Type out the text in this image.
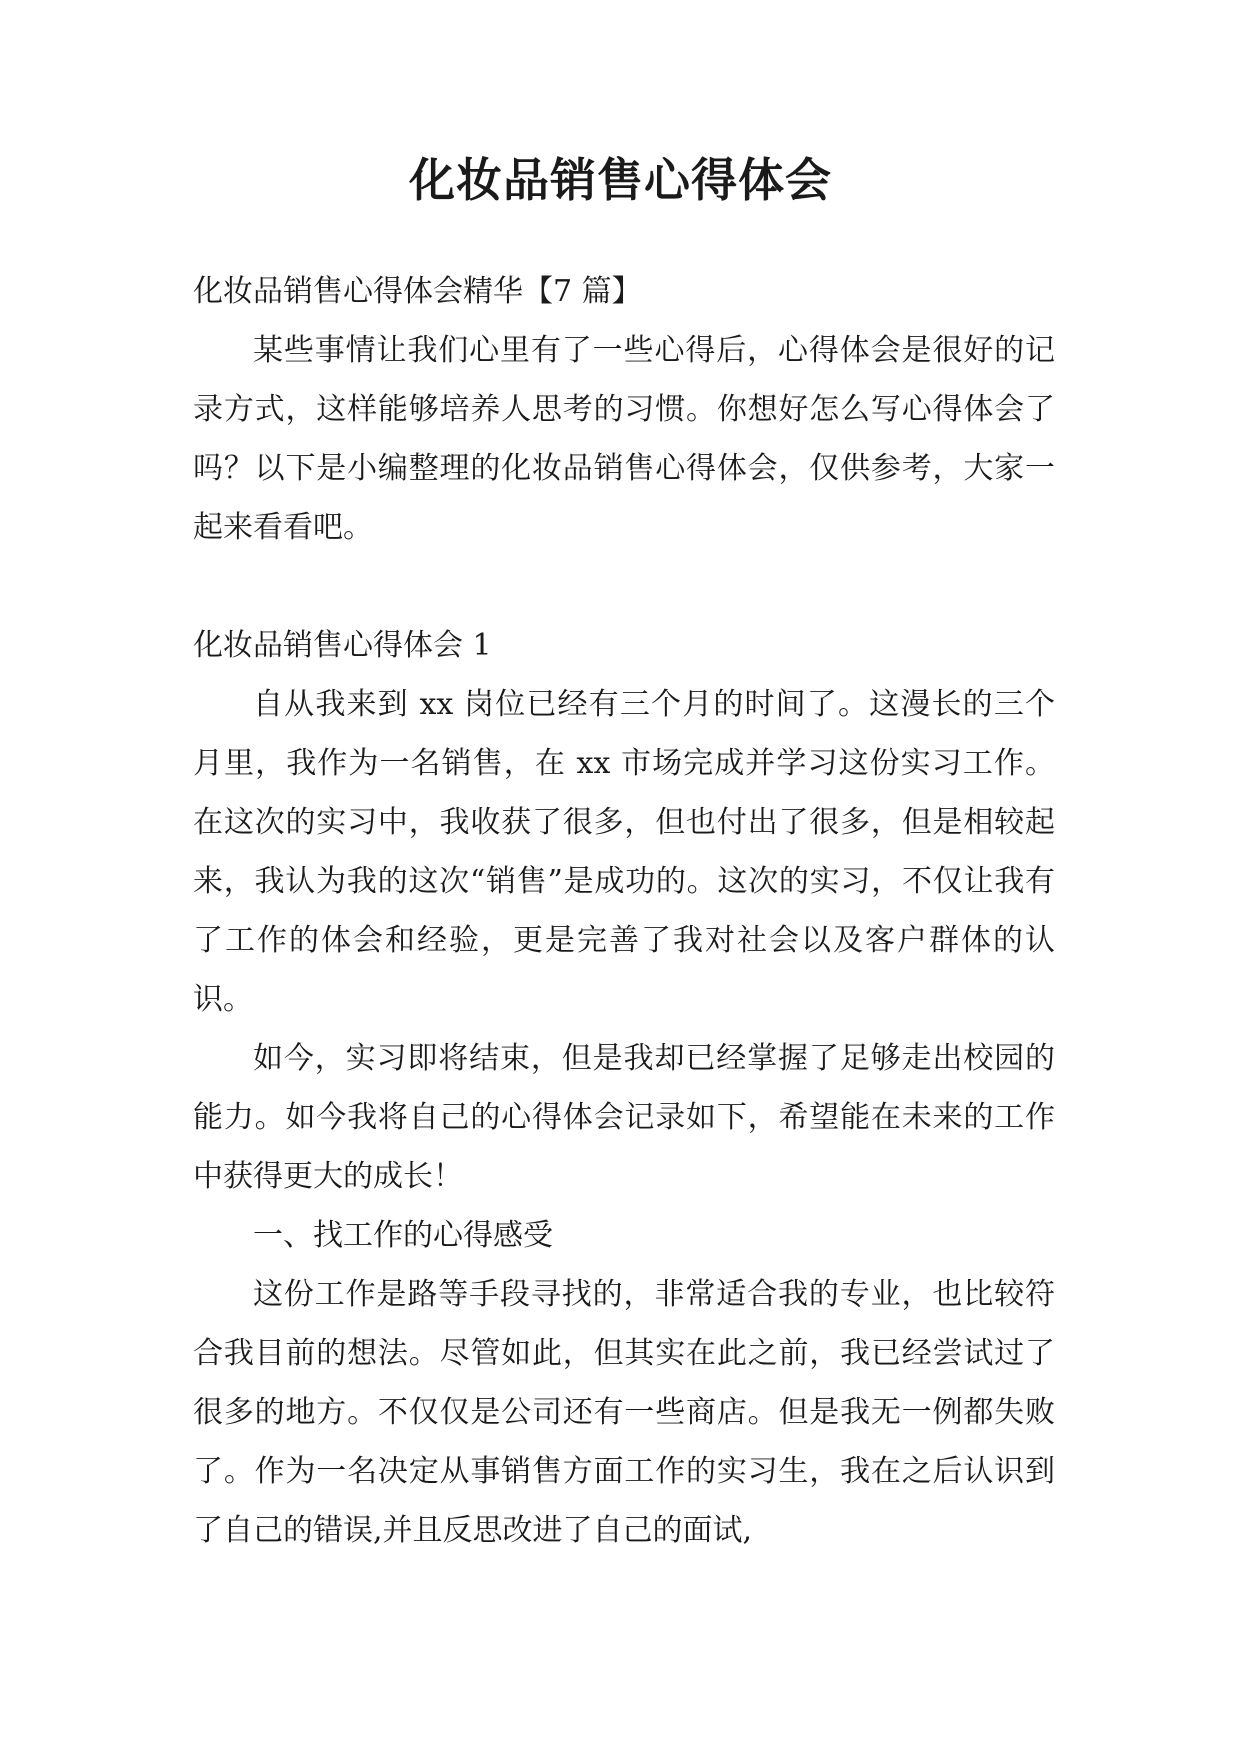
化妆品销售心得体会

化妆品销售心得体会精华【7 篇】

某些事情让我们心里有了一些心得后，心得体会是很好的记录方式，这样能够培养人思考的习惯。你想好怎么写心得体会了吗？以下是小编整理的化妆品销售心得体会，仅供参考，大家一起来看看吧。

化妆品销售心得体会 1

自从我来到 xx 岗位已经有三个月的时间了。这漫长的三个月里，我作为一名销售，在 xx 市场完成并学习这份实习工作。在这次的实习中，我收获了很多，但也付出了很多，但是相较起来，我认为我的这次“销售”是成功的。这次的实习，不仅让我有了工作的体会和经验，更是完善了我对社会以及客户群体的认识。

如今，实习即将结束，但是我却已经掌握了足够走出校园的能力。如今我将自己的心得体会记录如下，希望能在未来的工作中获得更大的成长！

一、找工作的心得感受

这份工作是路等手段寻找的，非常适合我的专业，也比较符合我目前的想法。尽管如此，但其实在此之前，我已经尝试过了很多的地方。不仅仅是公司还有一些商店。但是我无一例都失败了。作为一名决定从事销售方面工作的实习生，我在之后认识到了自己的错误,并且反思改进了自己的面试,
